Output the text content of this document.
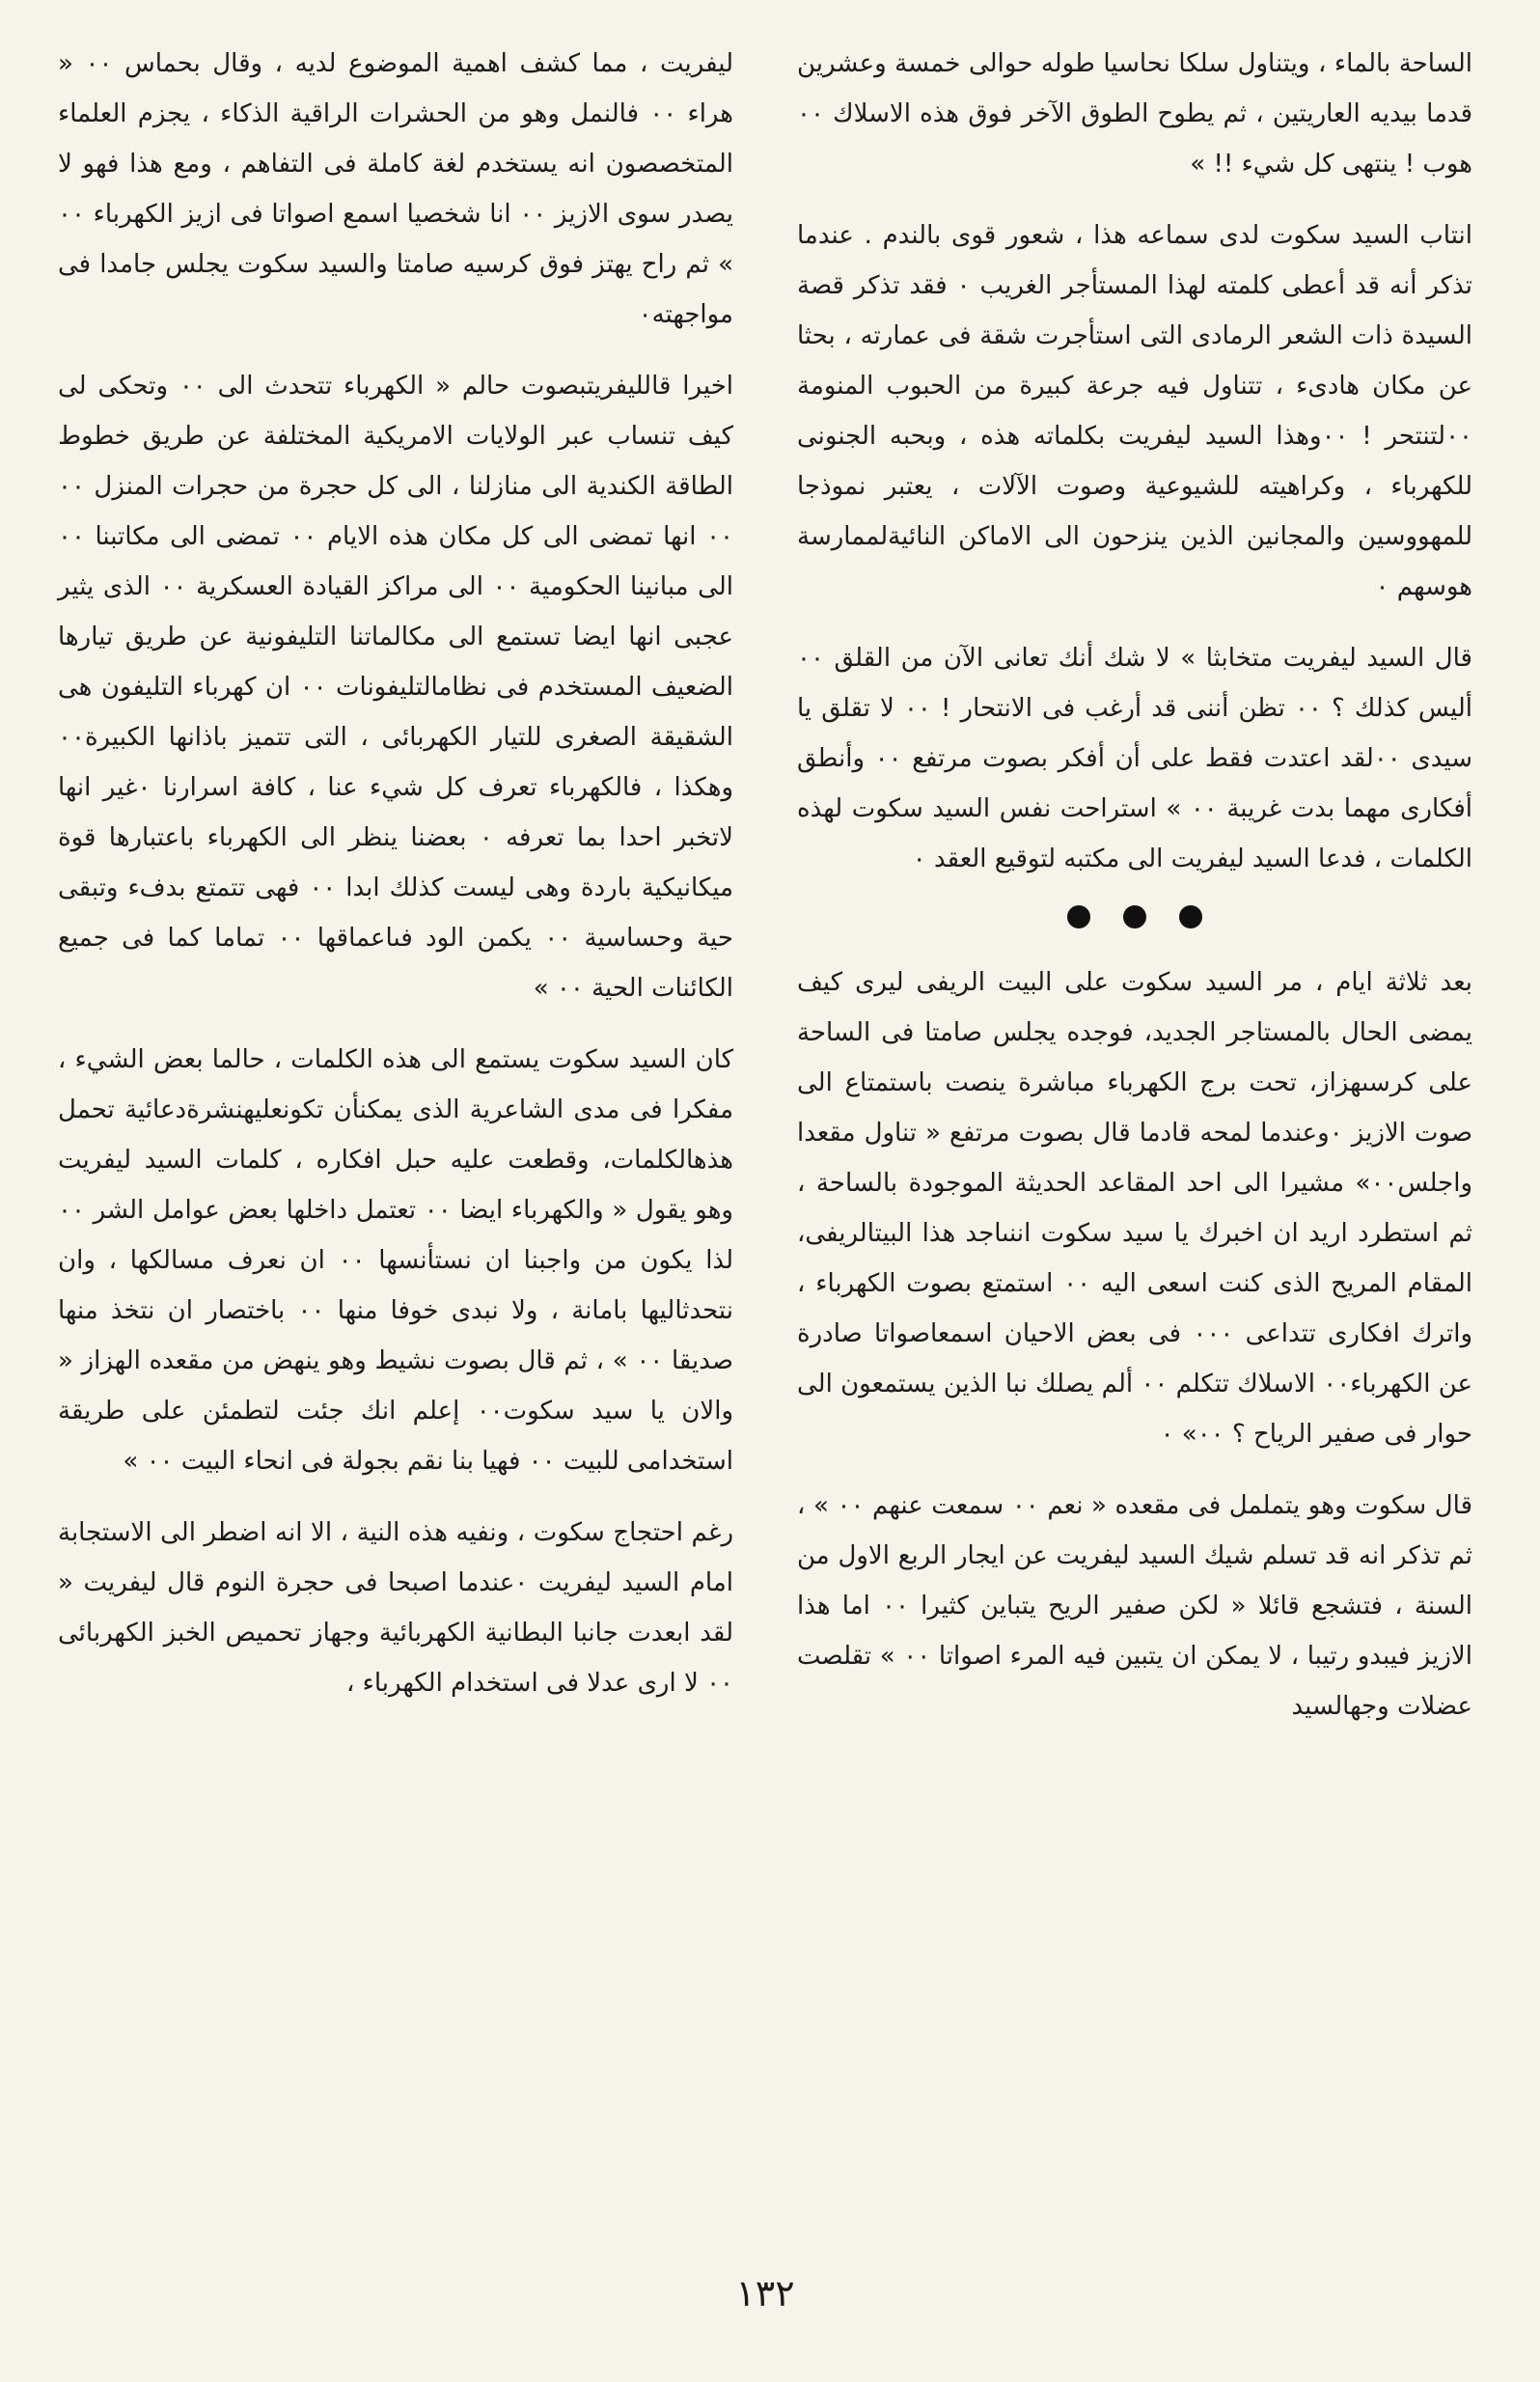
الساحة بالماء ، ويتناول سلكا نحاسيا طوله حوالى خمسة وعشرين قدما بيديه العاريتين ، ثم يطوح الطوق الآخر فوق هذه الاسلاك ٠٠ هوب ! ينتهى كل شيء !! »

انتاب السيد سكوت لدى سماعه هذا ، شعور قوى بالندم . عندما تذكر أنه قد أعطى كلمته لهذا المستأجر الغريب ٠ فقد تذكر قصة السيدة ذات الشعر الرمادى التى استأجرت شقة فى عمارته ، بحثا عن مكان هادىء ، تتناول فيه جرعة كبيرة من الحبوب المنومة ٠٠لتنتحر ! ٠٠وهذا السيد ليفريت بكلماته هذه ، وبحبه الجنونى للكهرباء ، وكراهيته للشيوعية وصوت الآلات ، يعتبر نموذجا للمهووسين والمجانين الذين ينزحون الى الاماكن النائيةلممارسة هوسهم ٠

قال السيد ليفريت متخابثا » لا شك أنك تعانى الآن من القلق ٠٠ أليس كذلك ؟ ٠٠ تظن أننى قد أرغب فى الانتحار ! ٠٠ لا تقلق يا سيدى ٠٠لقد اعتدت فقط على أن أفكر بصوت مرتفع ٠٠ وأنطق أفكارى مهما بدت غريبة ٠٠ » استراحت نفس السيد سكوت لهذه الكلمات ، فدعا السيد ليفريت الى مكتبه لتوقيع العقد ٠

بعد ثلاثة ايام ، مر السيد سكوت على البيت الريفى ليرى كيف يمضى الحال بالمستاجر الجديد، فوجده يجلس صامتا فى الساحة على كرسىهزاز، تحت برج الكهرباء مباشرة ينصت باستمتاع الى صوت الازيز ٠وعندما لمحه قادما قال بصوت مرتفع « تناول مقعدا واجلس٠٠» مشيرا الى احد المقاعد الحديثة الموجودة بالساحة ، ثم استطرد اريد ان اخبرك يا سيد سكوت اننىاجد هذا البيتالريفى، المقام المريح الذى كنت اسعى اليه ٠٠ استمتع بصوت الكهرباء ، واترك افكارى تتداعى ٠٠٠ فى بعض الاحيان اسمعاصواتا صادرة عن الكهرباء٠٠ الاسلاك تتكلم ٠٠ ألم يصلك نبا الذين يستمعون الى حوار فى صفير الرياح ؟ ٠٠» ٠

قال سكوت وهو يتململ فى مقعده « نعم ٠٠ سمعت عنهم ٠٠ » ، ثم تذكر انه قد تسلم شيك السيد ليفريت عن ايجار الربع الاول من السنة ، فتشجع قائلا « لكن صفير الريح يتباين كثيرا ٠٠ اما هذا الازيز فيبدو رتيبا ، لا يمكن ان يتبين فيه المرء اصواتا ٠٠ » تقلصت عضلات وجهالسيد

ليفريت ، مما كشف اهمية الموضوع لديه ، وقال بحماس ٠٠ « هراء ٠٠ فالنمل وهو من الحشرات الراقية الذكاء ، يجزم العلماء المتخصصون انه يستخدم لغة كاملة فى التفاهم ، ومع هذا فهو لا يصدر سوى الازيز ٠٠ انا شخصيا اسمع اصواتا فى ازيز الكهرباء ٠٠ » ثم راح يهتز فوق كرسيه صامتا والسيد سكوت يجلس جامدا فى مواجهته٠

اخيرا قالليفريتبصوت حالم « الكهرباء تتحدث الى ٠٠ وتحكى لى كيف تنساب عبر الولايات الامريكية المختلفة عن طريق خطوط الطاقة الكندية الى منازلنا ، الى كل حجرة من حجرات المنزل ٠٠ ٠٠ انها تمضى الى كل مكان هذه الايام ٠٠ تمضى الى مكاتبنا ٠٠ الى مبانينا الحكومية ٠٠ الى مراكز القيادة العسكرية ٠٠ الذى يثير عجبى انها ايضا تستمع الى مكالماتنا التليفونية عن طريق تيارها الضعيف المستخدم فى نظامالتليفونات ٠٠ ان كهرباء التليفون هى الشقيقة الصغرى للتيار الكهربائى ، التى تتميز باذانها الكبيرة٠٠ وهكذا ، فالكهرباء تعرف كل شيء عنا ، كافة اسرارنا ٠غير انها لاتخبر احدا بما تعرفه ٠ بعضنا ينظر الى الكهرباء باعتبارها قوة ميكانيكية باردة وهى ليست كذلك ابدا ٠٠ فهى تتمتع بدفء وتبقى حية وحساسية ٠٠ يكمن الود فىاعماقها ٠٠ تماما كما فى جميع الكائنات الحية ٠٠ »

كان السيد سكوت يستمع الى هذه الكلمات ، حالما بعض الشيء ، مفكرا فى مدى الشاعرية الذى يمكنأن تكونعليهنشرةدعائية تحمل هذهالكلمات، وقطعت عليه حبل افكاره ، كلمات السيد ليفريت وهو يقول « والكهرباء ايضا ٠٠ تعتمل داخلها بعض عوامل الشر ٠٠ لذا يكون من واجبنا ان نستأنسها ٠٠ ان نعرف مسالكها ، وان نتحدثاليها بامانة ، ولا نبدى خوفا منها ٠٠ باختصار ان نتخذ منها صديقا ٠٠ » ، ثم قال بصوت نشيط وهو ينهض من مقعده الهزاز « والان يا سيد سكوت٠٠ إعلم انك جئت لتطمئن على طريقة استخدامى للبيت ٠٠ فهيا بنا نقم بجولة فى انحاء البيت ٠٠ »

رغم احتجاج سكوت ، ونفيه هذه النية ، الا انه اضطر الى الاستجابة امام السيد ليفريت ٠عندما اصبحا فى حجرة النوم قال ليفريت « لقد ابعدت جانبا البطانية الكهربائية وجهاز تحميص الخبز الكهربائى ٠٠ لا ارى عدلا فى استخدام الكهرباء ،

١٣٢
